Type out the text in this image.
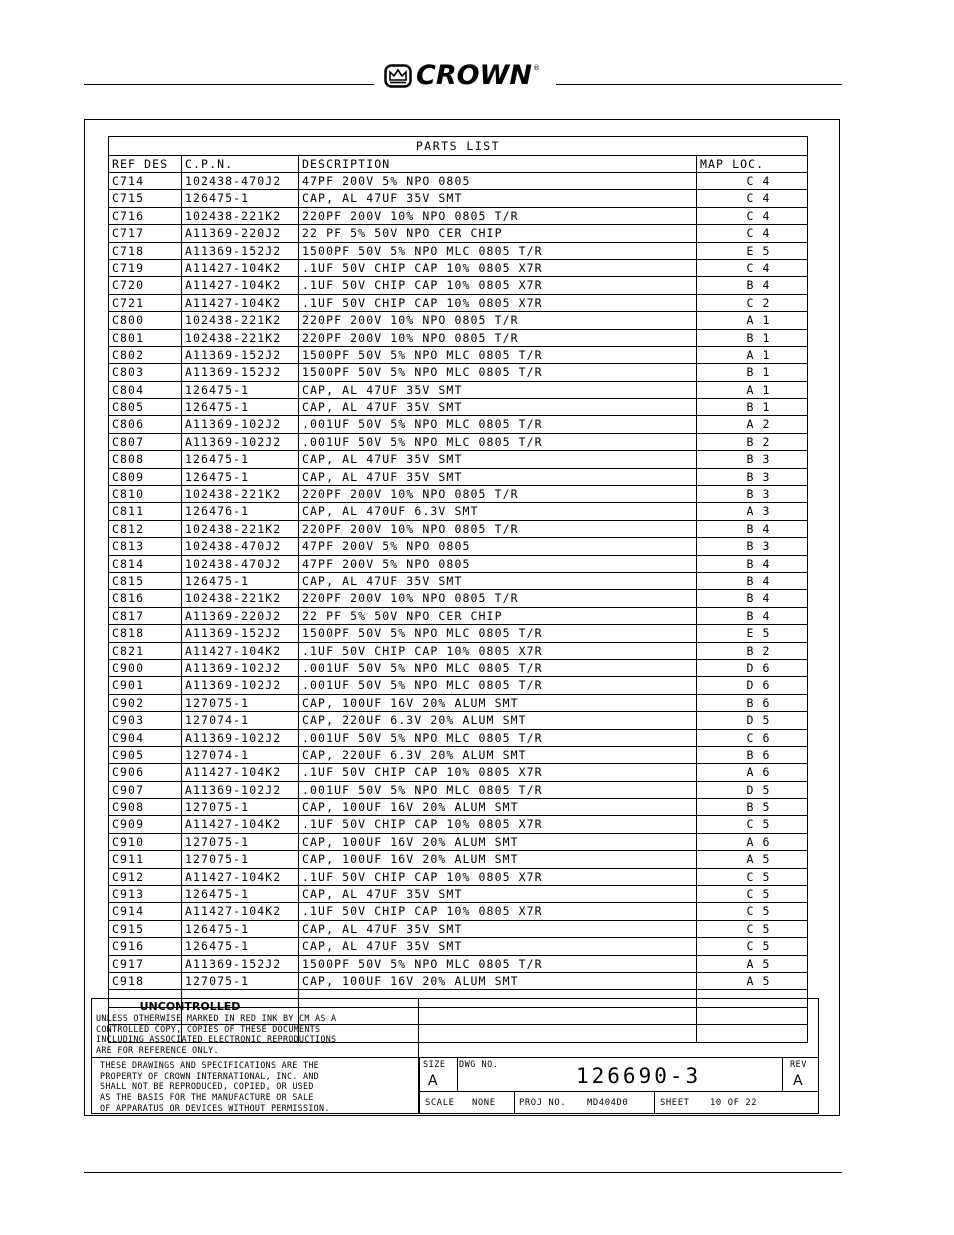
CROWN ®
PARTS LIST
REF DES	C.P.N.	DESCRIPTION	MAP LOC.
C714	102438-470J2	47PF 200V 5% NPO 0805	C 4
C715	126475-1	CAP, AL 47UF 35V SMT	C 4
C716	102438-221K2	220PF 200V 10% NPO 0805 T/R	C 4
C717	A11369-220J2	22 PF 5% 50V NPO CER CHIP	C 4
C718	A11369-152J2	1500PF 50V 5% NPO MLC 0805 T/R	E 5
C719	A11427-104K2	.1UF 50V CHIP CAP 10% 0805 X7R	C 4
C720	A11427-104K2	.1UF 50V CHIP CAP 10% 0805 X7R	B 4
C721	A11427-104K2	.1UF 50V CHIP CAP 10% 0805 X7R	C 2
C800	102438-221K2	220PF 200V 10% NPO 0805 T/R	A 1
C801	102438-221K2	220PF 200V 10% NPO 0805 T/R	B 1
C802	A11369-152J2	1500PF 50V 5% NPO MLC 0805 T/R	A 1
C803	A11369-152J2	1500PF 50V 5% NPO MLC 0805 T/R	B 1
C804	126475-1	CAP, AL 47UF 35V SMT	A 1
C805	126475-1	CAP, AL 47UF 35V SMT	B 1
C806	A11369-102J2	.001UF 50V 5% NPO MLC 0805 T/R	A 2
C807	A11369-102J2	.001UF 50V 5% NPO MLC 0805 T/R	B 2
C808	126475-1	CAP, AL 47UF 35V SMT	B 3
C809	126475-1	CAP, AL 47UF 35V SMT	B 3
C810	102438-221K2	220PF 200V 10% NPO 0805 T/R	B 3
C811	126476-1	CAP, AL 470UF 6.3V SMT	A 3
C812	102438-221K2	220PF 200V 10% NPO 0805 T/R	B 4
C813	102438-470J2	47PF 200V 5% NPO 0805	B 3
C814	102438-470J2	47PF 200V 5% NPO 0805	B 4
C815	126475-1	CAP, AL 47UF 35V SMT	B 4
C816	102438-221K2	220PF 200V 10% NPO 0805 T/R	B 4
C817	A11369-220J2	22 PF 5% 50V NPO CER CHIP	B 4
C818	A11369-152J2	1500PF 50V 5% NPO MLC 0805 T/R	E 5
C821	A11427-104K2	.1UF 50V CHIP CAP 10% 0805 X7R	B 2
C900	A11369-102J2	.001UF 50V 5% NPO MLC 0805 T/R	D 6
C901	A11369-102J2	.001UF 50V 5% NPO MLC 0805 T/R	D 6
C902	127075-1	CAP, 100UF 16V 20% ALUM SMT	B 6
C903	127074-1	CAP, 220UF 6.3V 20% ALUM SMT	D 5
C904	A11369-102J2	.001UF 50V 5% NPO MLC 0805 T/R	C 6
C905	127074-1	CAP, 220UF 6.3V 20% ALUM SMT	B 6
C906	A11427-104K2	.1UF 50V CHIP CAP 10% 0805 X7R	A 6
C907	A11369-102J2	.001UF 50V 5% NPO MLC 0805 T/R	D 5
C908	127075-1	CAP, 100UF 16V 20% ALUM SMT	B 5
C909	A11427-104K2	.1UF 50V CHIP CAP 10% 0805 X7R	C 5
C910	127075-1	CAP, 100UF 16V 20% ALUM SMT	A 6
C911	127075-1	CAP, 100UF 16V 20% ALUM SMT	A 5
C912	A11427-104K2	.1UF 50V CHIP CAP 10% 0805 X7R	C 5
C913	126475-1	CAP, AL 47UF 35V SMT	C 5
C914	A11427-104K2	.1UF 50V CHIP CAP 10% 0805 X7R	C 5
C915	126475-1	CAP, AL 47UF 35V SMT	C 5
C916	126475-1	CAP, AL 47UF 35V SMT	C 5
C917	A11369-152J2	1500PF 50V 5% NPO MLC 0805 T/R	A 5
C918	127075-1	CAP, 100UF 16V 20% ALUM SMT	A 5
UNCONTROLLED
UNLESS OTHERWISE MARKED IN RED INK BY CM AS A
CONTROLLED COPY, COPIES OF THESE DOCUMENTS
INCLUDING ASSOCIATED ELECTRONIC REPRODUCTIONS
ARE FOR REFERENCE ONLY.
THESE DRAWINGS AND SPECIFICATIONS ARE THE
PROPERTY OF CROWN INTERNATIONAL, INC. AND
SHALL NOT BE REPRODUCED, COPIED, OR USED
AS THE BASIS FOR THE MANUFACTURE OR SALE
OF APPARATUS OR DEVICES WITHOUT PERMISSION.
SIZE
A
DWG NO.	126690-3	REV
A
SCALE NONE	PROJ NO. MD404D0	SHEET 10 OF 22
